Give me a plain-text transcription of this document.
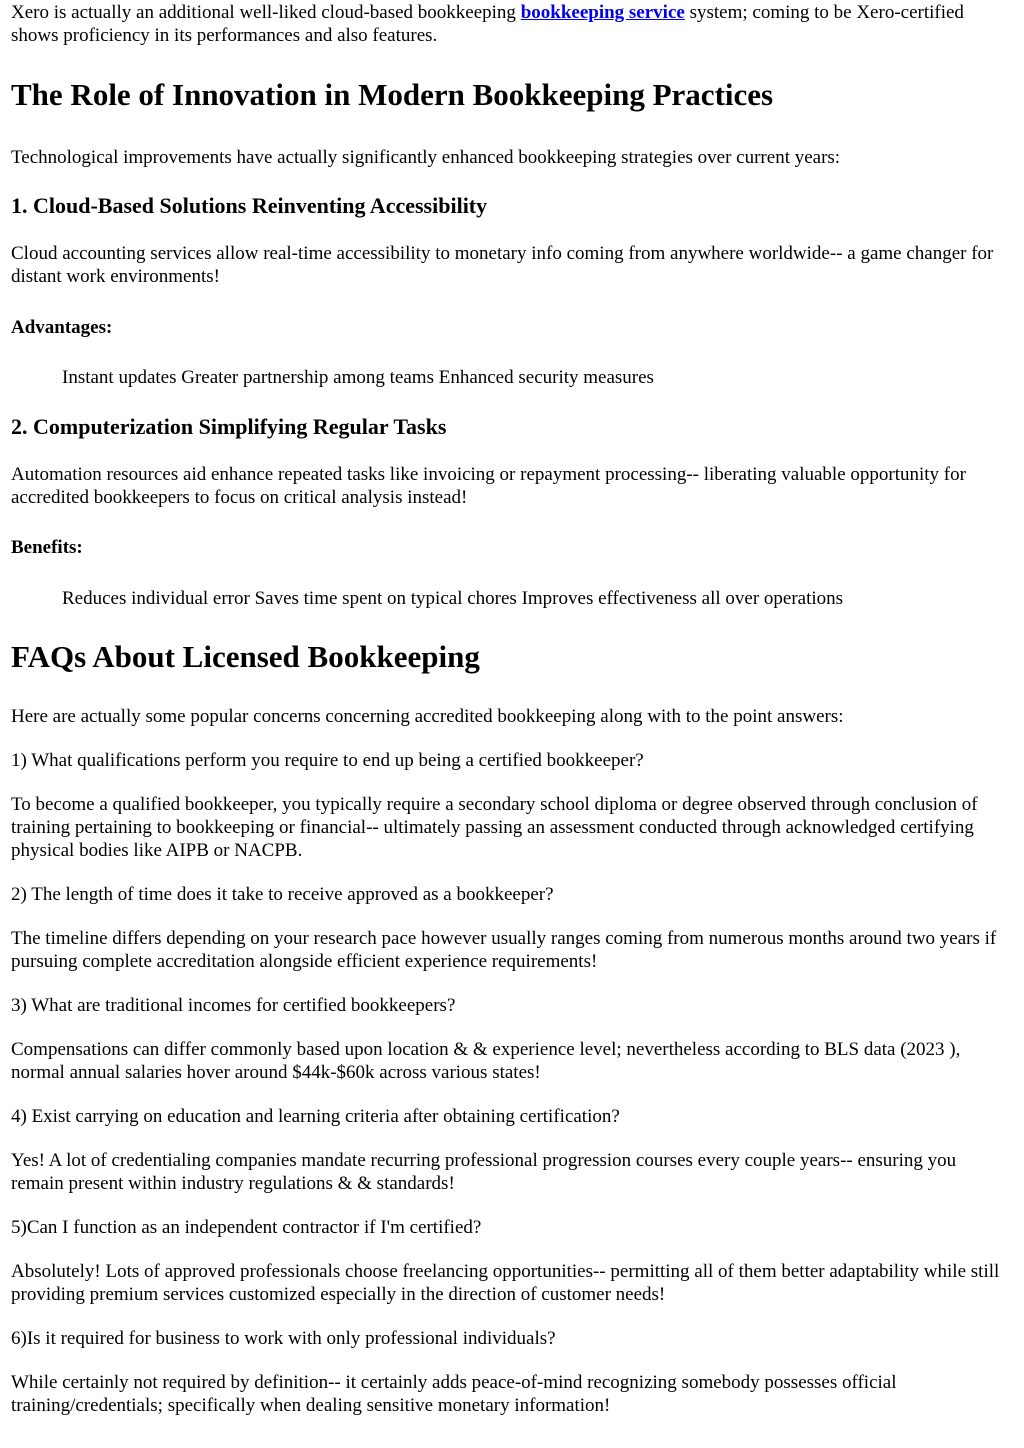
Xero is actually an additional well-liked cloud-based bookkeeping bookkeeping service system; coming to be Xero-certified shows proficiency in its performances and also features.

The Role of Innovation in Modern Bookkeeping Practices

Technological improvements have actually significantly enhanced bookkeeping strategies over current years:

1. Cloud-Based Solutions Reinventing Accessibility

Cloud accounting services allow real-time accessibility to monetary info coming from anywhere worldwide-- a game changer for distant work environments!

Advantages:

Instant updates Greater partnership among teams Enhanced security measures

2. Computerization Simplifying Regular Tasks

Automation resources aid enhance repeated tasks like invoicing or repayment processing-- liberating valuable opportunity for accredited bookkeepers to focus on critical analysis instead!

Benefits:

Reduces individual error Saves time spent on typical chores Improves effectiveness all over operations

FAQs About Licensed Bookkeeping

Here are actually some popular concerns concerning accredited bookkeeping along with to the point answers:

1) What qualifications perform you require to end up being a certified bookkeeper?

To become a qualified bookkeeper, you typically require a secondary school diploma or degree observed through conclusion of training pertaining to bookkeeping or financial-- ultimately passing an assessment conducted through acknowledged certifying physical bodies like AIPB or NACPB.

2) The length of time does it take to receive approved as a bookkeeper?

The timeline differs depending on your research pace however usually ranges coming from numerous months around two years if pursuing complete accreditation alongside efficient experience requirements!

3) What are traditional incomes for certified bookkeepers?

Compensations can differ commonly based upon location & & experience level; nevertheless according to BLS data (2023 ), normal annual salaries hover around $44k-$60k across various states!

4) Exist carrying on education and learning criteria after obtaining certification?

Yes! A lot of credentialing companies mandate recurring professional progression courses every couple years-- ensuring you remain present within industry regulations & & standards!

5)Can I function as an independent contractor if I'm certified?

Absolutely! Lots of approved professionals choose freelancing opportunities-- permitting all of them better adaptability while still providing premium services customized especially in the direction of customer needs!

6)Is it required for business to work with only professional individuals?

While certainly not required by definition-- it certainly adds peace-of-mind recognizing somebody possesses official training/credentials; specifically when dealing sensitive monetary information!
